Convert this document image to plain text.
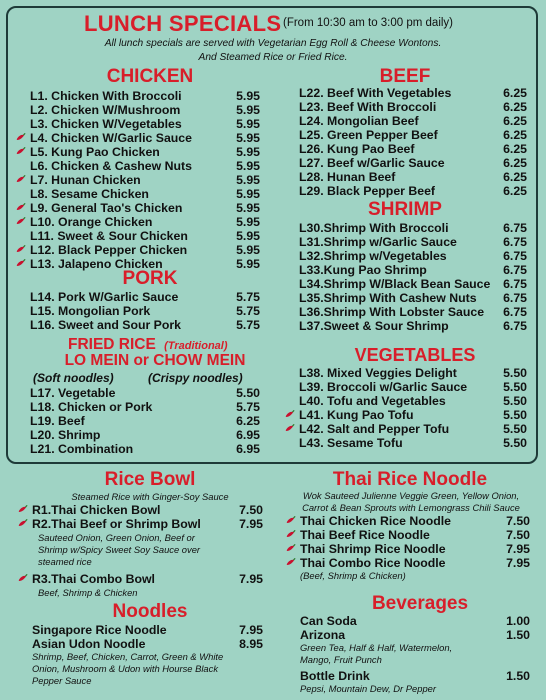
LUNCH SPECIALS (From 10:30 am to 3:00 pm daily)
All lunch specials are served with Vegetarian Egg Roll & Cheese Wontons.
And Steamed Rice or Fried Rice.
CHICKEN
L1. Chicken With Broccoli	5.95
L2. Chicken W/Mushroom	5.95
L3. Chicken W/Vegetables	5.95
L4. Chicken W/Garlic Sauce	5.95
L5. Kung Pao Chicken	5.95
L6. Chicken & Cashew Nuts	5.95
L7. Hunan Chicken	5.95
L8. Sesame Chicken	5.95
L9. General Tao's Chicken	5.95
L10. Orange Chicken	5.95
L11. Sweet & Sour Chicken	5.95
L12. Black Pepper Chicken	5.95
L13. Jalapeno Chicken	5.95
PORK
L14. Pork W/Garlic Sauce	5.75
L15. Mongolian Pork	5.75
L16. Sweet and Sour Pork	5.75
FRIED RICE (Traditional)
LO MEIN or CHOW MEIN
(Soft noodles)	(Crispy noodles)
L17. Vegetable	5.50
L18. Chicken or Pork	5.75
L19. Beef	6.25
L20. Shrimp	6.95
L21. Combination	6.95
BEEF
L22. Beef With Vegetables	6.25
L23. Beef With Broccoli	6.25
L24. Mongolian Beef	6.25
L25. Green Pepper Beef	6.25
L26. Kung Pao Beef	6.25
L27. Beef w/Garlic Sauce	6.25
L28. Hunan Beef	6.25
L29. Black Pepper Beef	6.25
SHRIMP
L30.Shrimp With Broccoli	6.75
L31.Shrimp w/Garlic Sauce	6.75
L32.Shrimp w/Vegetables	6.75
L33.Kung Pao Shrimp	6.75
L34.Shrimp W/Black Bean Sauce 6.75
L35.Shrimp With Cashew Nuts 6.75
L36.Shrimp With Lobster Sauce 6.75
L37.Sweet & Sour Shrimp	6.75
VEGETABLES
L38. Mixed Veggies Delight	5.50
L39. Broccoli w/Garlic Sauce	5.50
L40. Tofu and Vegetables	5.50
L41. Kung Pao Tofu	5.50
L42. Salt and Pepper Tofu	5.50
L43. Sesame Tofu	5.50
Rice Bowl
Steamed Rice with Ginger-Soy Sauce
R1.Thai Chicken Bowl	7.50
R2.Thai Beef or Shrimp Bowl	7.95
Sauteed Onion, Green Onion, Beef or
Shrimp w/Spicy Sweet Soy Sauce over
steamed rice
R3.Thai Combo Bowl	7.95
Beef, Shrimp & Chicken
Noodles
Singapore Rice Noodle	7.95
Asian Udon Noodle	8.95
Shrimp, Beef, Chicken, Carrot, Green & White
Onion, Mushroom & Udon with Hourse Black
Pepper Sauce
Thai Rice Noodle
Wok Sauteed Julienne Veggie Green, Yellow Onion,
Carrot & Bean Sprouts with Lemongrass Chili Sauce
Thai Chicken Rice Noodle	7.50
Thai Beef Rice Noodle	7.50
Thai Shrimp Rice Noodle	7.95
Thai Combo Rice Noodle	7.95
(Beef, Shrimp & Chicken)
Beverages
Can Soda	1.00
Arizona	1.50
Green Tea, Half & Half, Watermelon,
Mango, Fruit Punch
Bottle Drink	1.50
Pepsi, Mountain Dew, Dr Pepper
